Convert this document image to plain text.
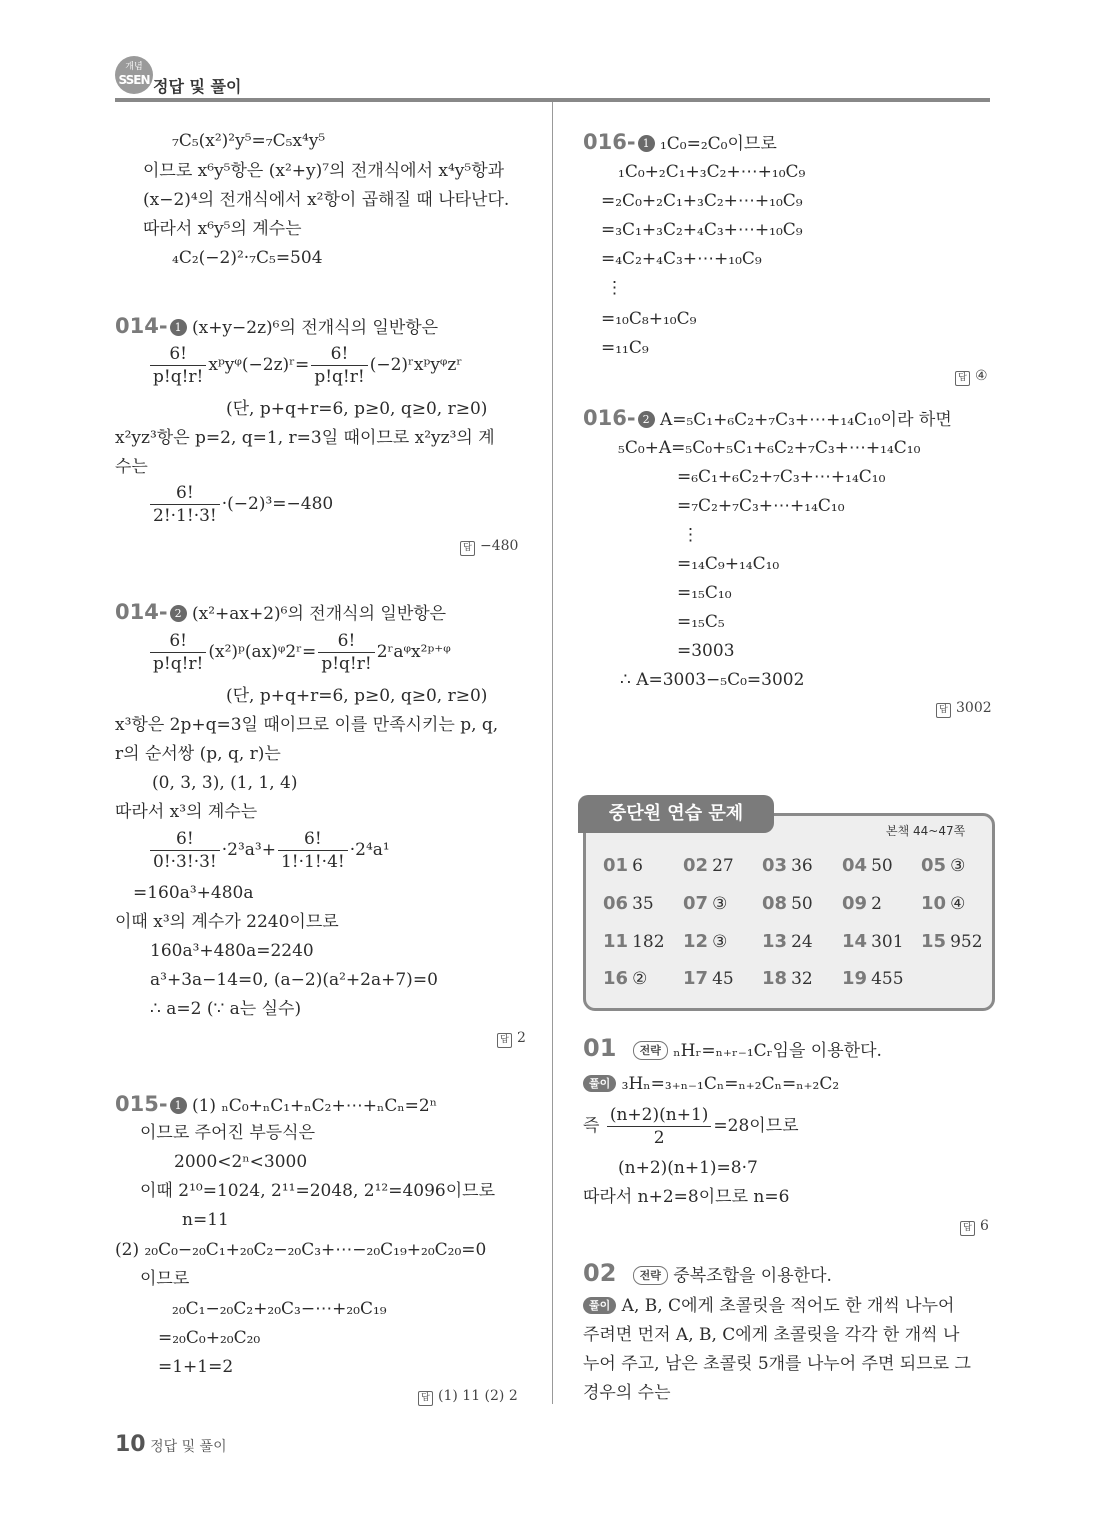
개념
SSEN 정답 및 풀이
₇C₅(x²)²y⁵=₇C₅x⁴y⁵
이므로 x⁶y⁵항은 (x²+y)⁷의 전개식에서 x⁴y⁵항과
(x−2)⁴의 전개식에서 x²항이 곱해질 때 나타난다.
따라서 x⁶y⁵의 계수는
₄C₂(−2)²·₇C₅=504
014- 1 (x+y−2z)⁶의 전개식의 일반항은
$\frac{6!}{p!q!r!}$ xᵖyᵠ(−2z)ʳ= $\frac{6!}{p!q!r!}$ (−2)ʳxᵖyᵠzʳ
(단, p+q+r=6, p≥0, q≥0, r≥0)
x²yz³항은 p=2, q=1, r=3일 때이므로 x²yz³의 계
수는
$\frac{6!}{2!\cdot 1!\cdot 3!} \cdot(-2)^3=-480$
답 −480
014- 2 (x²+ax+2)⁶의 전개식의 일반항은
$\frac{6!}{p!q!r!}$ (x²)ᵖ(ax)ᵠ2ʳ= $\frac{6!}{p!q!r!}$ 2ʳaᵠx²ᵖ⁺ᵠ
(단, p+q+r=6, p≥0, q≥0, r≥0)
x³항은 2p+q=3일 때이므로 이를 만족시키는 p, q,
r의 순서쌍 (p, q, r)는
(0, 3, 3), (1, 1, 4)
따라서 x³의 계수는
$\frac{6!}{0!\cdot 3!\cdot 3!} \cdot 2^3a^3+ \frac{6!}{1!\cdot 1!\cdot 4!} \cdot 2^4a^1$
=160a³+480a
이때 x³의 계수가 2240이므로
160a³+480a=2240
a³+3a−14=0, (a−2)(a²+2a+7)=0
∴ a=2 (∵ a는 실수)
답 2
015- 1 (1) ₙC₀+ₙC₁+ₙC₂+⋯+ₙCₙ=2ⁿ
이므로 주어진 부등식은
2000<2ⁿ<3000
이때 2¹⁰=1024, 2¹¹=2048, 2¹²=4096이므로
n=11
(2) ₂₀C₀−₂₀C₁+₂₀C₂−₂₀C₃+⋯−₂₀C₁₉+₂₀C₂₀=0
이므로
₂₀C₁−₂₀C₂+₂₀C₃−⋯+₂₀C₁₉
=₂₀C₀+₂₀C₂₀
=1+1=2
답 (1) 11 (2) 2
016- 1 ₁C₀=₂C₀이므로
₁C₀+₂C₁+₃C₂+⋯+₁₀C₉
=₂C₀+₂C₁+₃C₂+⋯+₁₀C₉
=₃C₁+₃C₂+₄C₃+⋯+₁₀C₉
=₄C₂+₄C₃+⋯+₁₀C₉
⋮
=₁₀C₈+₁₀C₉
=₁₁C₉
답 ④
016- 2 A=₅C₁+₆C₂+₇C₃+⋯+₁₄C₁₀이라 하면
₅C₀+A=₅C₀+₅C₁+₆C₂+₇C₃+⋯+₁₄C₁₀
=₆C₁+₆C₂+₇C₃+⋯+₁₄C₁₀
=₇C₂+₇C₃+⋯+₁₄C₁₀
⋮
=₁₄C₉+₁₄C₁₀
=₁₅C₁₀
=₁₅C₅
=3003
∴ A=3003−₅C₀=3002
답 3002
중단원 연습 문제
본책 44~47쪽
01 6 02 27 03 36 04 50 05 ③
06 35 07 ③ 08 50 09 2 10 ④
11 182 12 ③ 13 24 14 301 15 952
16 ② 17 45 18 32 19 455
01 전략 ₙHᵣ=ₙ₊ᵣ₋₁Cᵣ임을 이용한다.
풀이 ₃Hₙ=₃₊ₙ₋₁Cₙ=ₙ₊₂Cₙ=ₙ₊₂C₂
즉 $\frac{(n+2)(n+1)}{2} =28$이므로
(n+2)(n+1)=8·7
따라서 n+2=8이므로 n=6
답 6
02 전략 중복조합을 이용한다.
풀이 A, B, C에게 초콜릿을 적어도 한 개씩 나누어
주려면 먼저 A, B, C에게 초콜릿을 각각 한 개씩 나
누어 주고, 남은 초콜릿 5개를 나누어 주면 되므로 그
경우의 수는
10 정답 및 풀이
